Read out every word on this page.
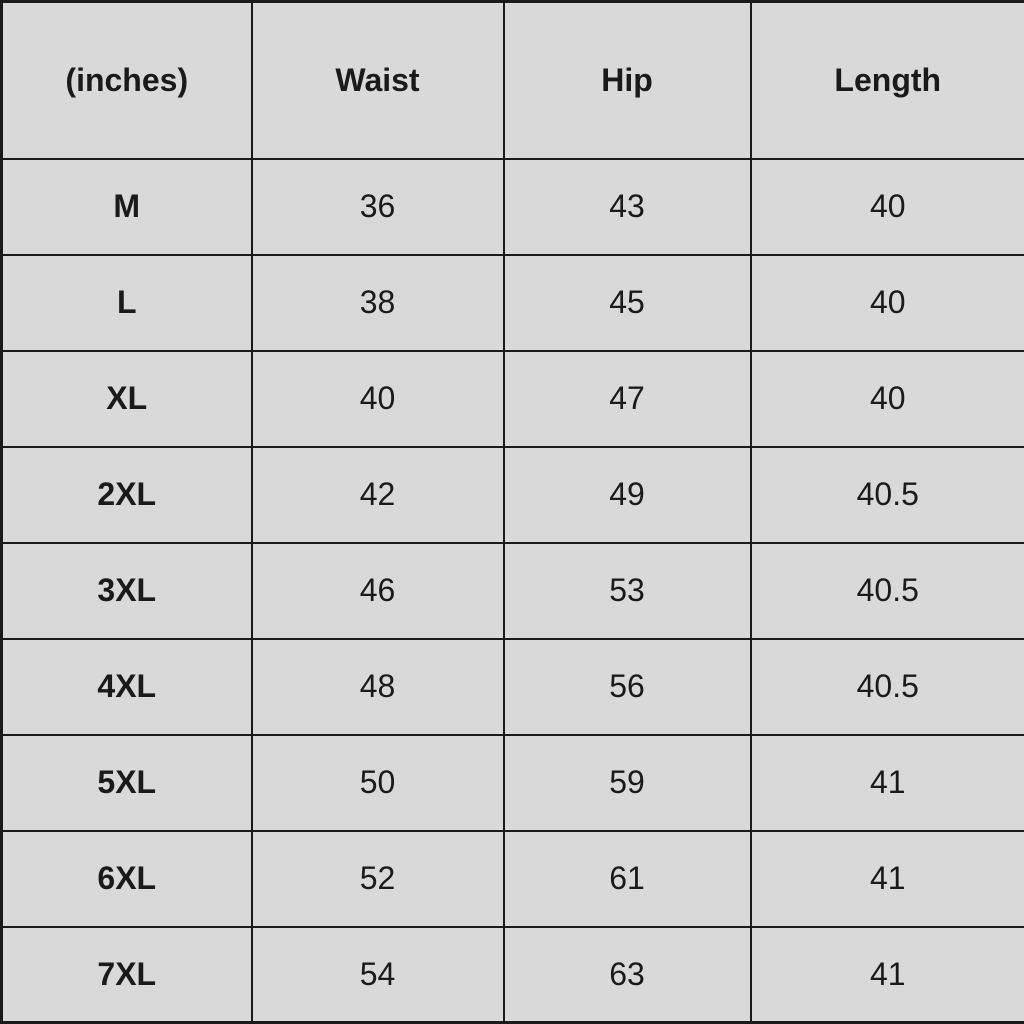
(inches)	Waist	Hip	Length
M	36	43	40
L	38	45	40
XL	40	47	40
2XL	42	49	40.5
3XL	46	53	40.5
4XL	48	56	40.5
5XL	50	59	41
6XL	52	61	41
7XL	54	63	41
